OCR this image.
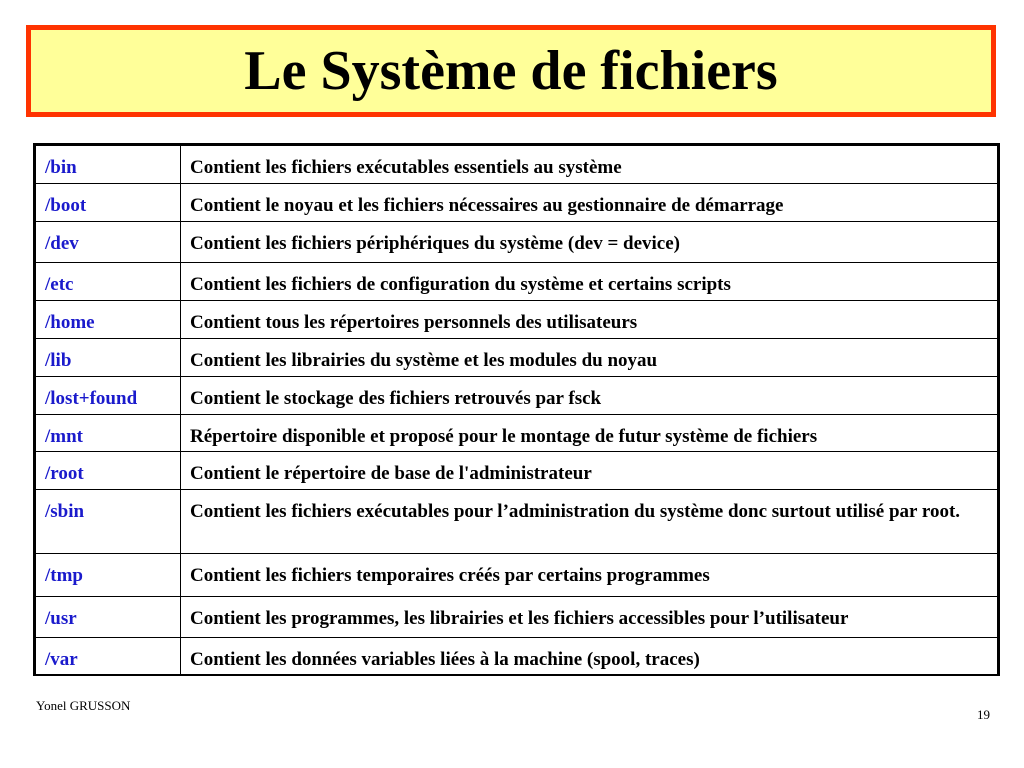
Le Système de fichiers
/bin	Contient les fichiers exécutables essentiels au système
/boot	Contient le noyau et les fichiers nécessaires au gestionnaire de démarrage
/dev	Contient les fichiers périphériques du système (dev = device)
/etc	Contient les fichiers de configuration du système et certains scripts
/home	Contient tous les répertoires personnels des utilisateurs
/lib	Contient les librairies du système et les modules du noyau
/lost+found	Contient le stockage des fichiers retrouvés par fsck
/mnt	Répertoire disponible et proposé pour le montage de futur système de fichiers
/root	Contient le répertoire de base de l'administrateur
/sbin	Contient les fichiers exécutables pour l’administration du système donc surtout utilisé par root.
/tmp	Contient les fichiers temporaires créés par certains programmes
/usr	Contient les programmes, les librairies et les fichiers accessibles pour l’utilisateur
/var	Contient les données variables liées à la machine (spool, traces)
Yonel GRUSSON
19
